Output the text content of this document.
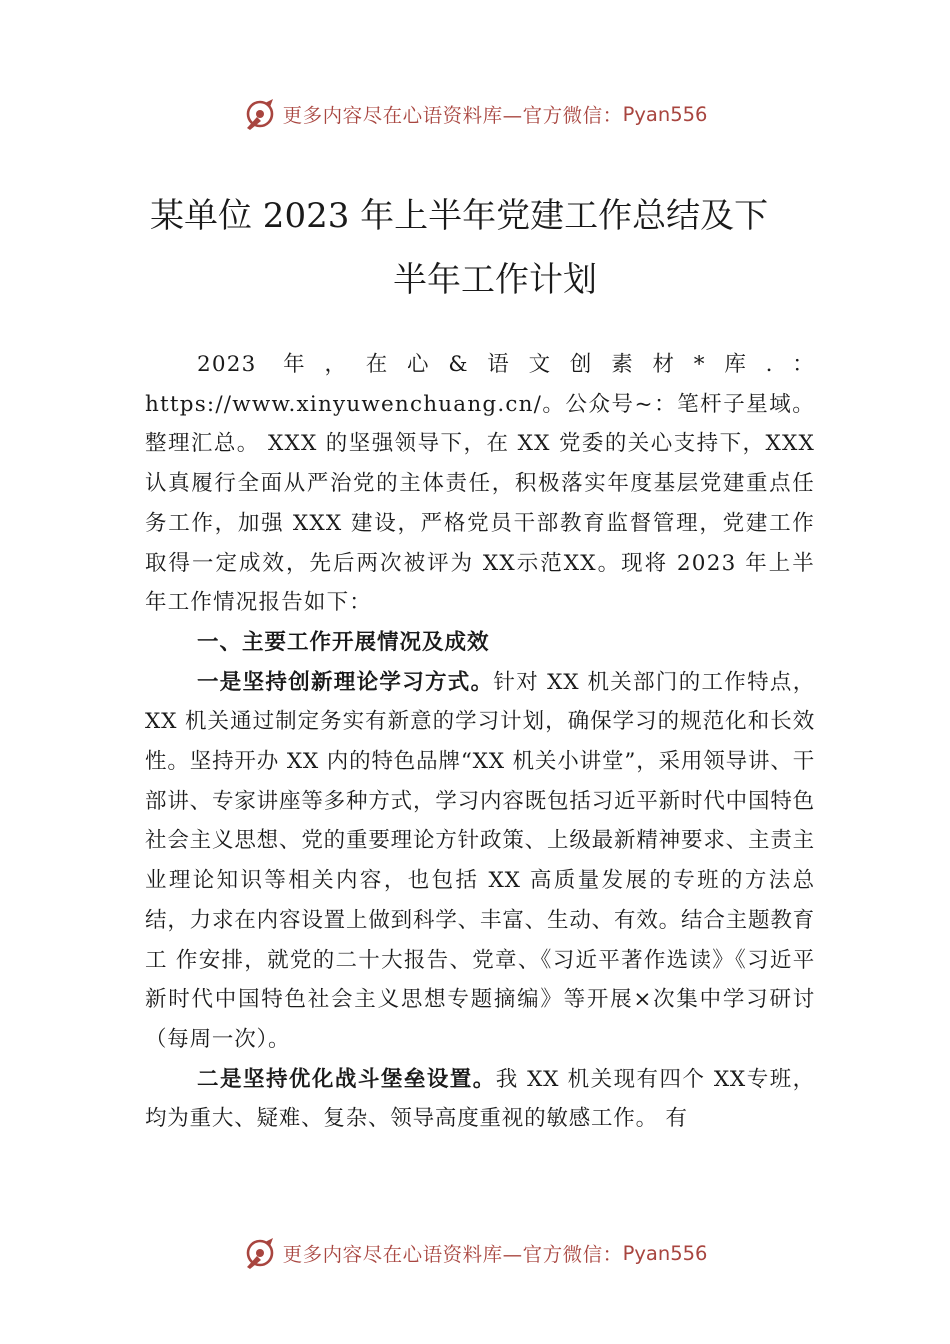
更多内容尽在心语资料库—官方微信： Pyan556
某单位 2023 年上半年党建工作总结及下
半年工作计划
2023 年，在心&语文创素材*库.：https://www.xinyuwenchuang.cn/。公众号~：笔杆子星域。整理汇总。 XXX 的坚强领导下，在 XX 党委的关心支持下，XXX 认真履行全面从严治党的主体责任，积极落实年度基层党建重点任务工作，加强 XXX 建设，严格党员干部教育监督管理，党建工作取得一定成效，先后两次被评为 XX示范XX。现将 2023 年上半年工作情况报告如下：
一、主要工作开展情况及成效
一是坚持创新理论学习方式。针对 XX 机关部门的工作特点，XX 机关通过制定务实有新意的学习计划，确保学习的规范化和长效性。坚持开办 XX 内的特色品牌“XX 机关小讲堂”，采用领导讲、干部讲、专家讲座等多种方式，学习内容既包括习近平新时代中国特色社会主义思想、党的重要理论方针政策、上级最新精神要求、主责主业理论知识等相关内容，也包括 XX 高质量发展的专班的方法总结，力求在内容设置上做到科学、丰富、生动、有效。结合主题教育工 作安排，就党的二十大报告、党章、《习近平著作选读》《习近平新时代中国特色社会主义思想专题摘编》等开展×次集中学习研讨（每周一次）。
二是坚持优化战斗堡垒设置。我 XX 机关现有四个 XX专班，均为重大、疑难、复杂、领导高度重视的敏感工作。 有
更多内容尽在心语资料库—官方微信： Pyan556
